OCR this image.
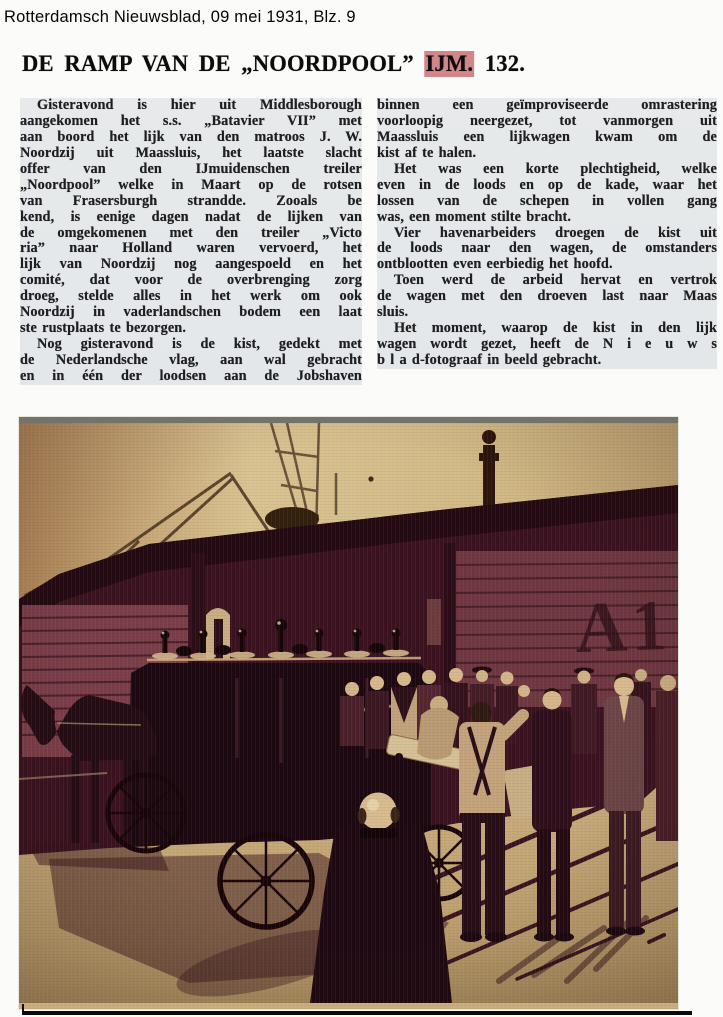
Rotterdamsch Nieuwsblad, 09 mei 1931, Blz. 9
DE RAMP VAN DE „NOORDPOOL” IJM. 132.
Gisteravond is hier uit Middlesborough
aangekomen het s.s. „Batavier VII” met
aan boord het lijk van den matroos J. W.
Noordzij uit Maassluis, het laatste slacht
offer van den IJmuidenschen treiler
„Noordpool” welke in Maart op de rotsen
van Frasersburgh strandde. Zooals be
kend, is eenige dagen nadat de lijken van
de omgekomenen met den treiler „Victo
ria” naar Holland waren vervoerd, het
lijk van Noordzij nog aangespoeld en het
comité, dat voor de overbrenging zorg
droeg, stelde alles in het werk om ook
Noordzij in vaderlandschen bodem een laat
ste rustplaats te bezorgen.
Nog gisteravond is de kist, gedekt met
de Nederlandsche vlag, aan wal gebracht
en in één der loodsen aan de Jobshaven
binnen een geïmproviseerde omrastering
voorloopig neergezet, tot vanmorgen uit
Maassluis een lijkwagen kwam om de
kist af te halen.
Het was een korte plechtigheid, welke
even in de loods en op de kade, waar het
lossen van de schepen in vollen gang
was, een moment stilte bracht.
Vier havenarbeiders droegen de kist uit
de loods naar den wagen, de omstanders
ontblootten even eerbiedig het hoofd.
Toen werd de arbeid hervat en vertrok
de wagen met den droeven last naar Maas
sluis.
Het moment, waarop de kist in den lijk
wagen wordt gezet, heeft de N i e u w s
b l a d-fotograaf in beeld gebracht.
